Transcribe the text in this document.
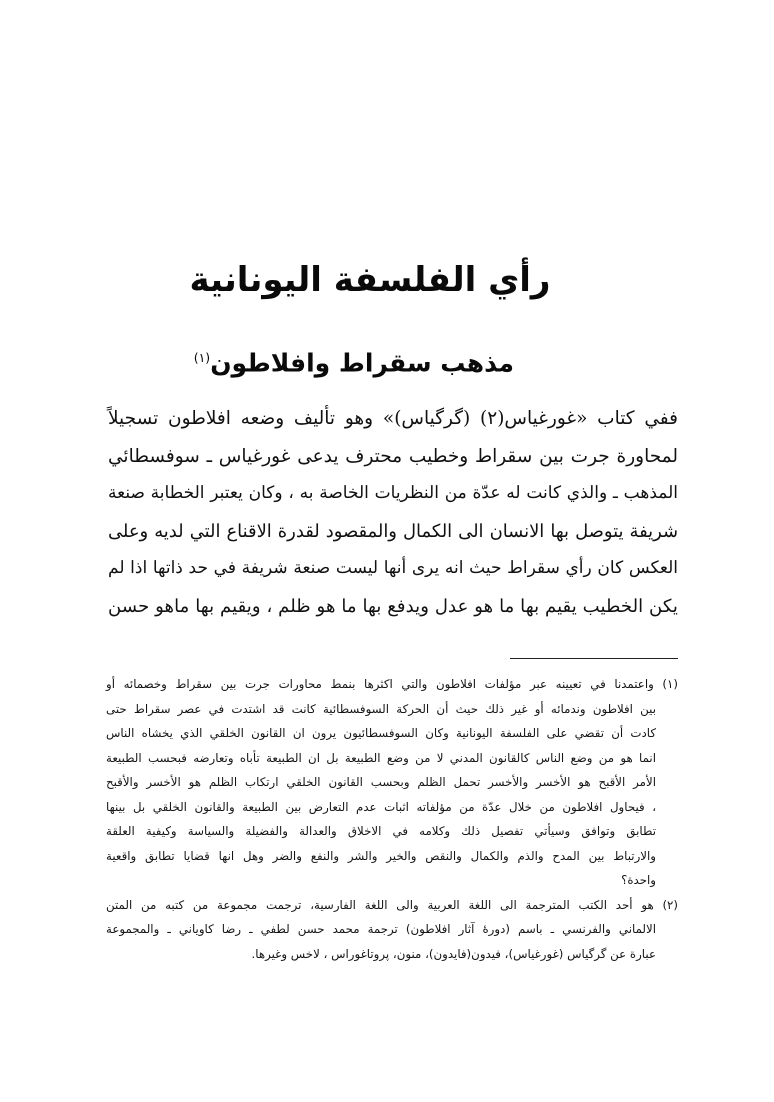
رأي الفلسفة اليونانية
مذهب سقراط وافلاطون$^{(١)}$
ففي كتاب «غورغياس(٢) (گرگیاس)» وهو تأليف وضعه افلاطون تسجيلاً
لمحاورة جرت بين سقراط وخطيب محترف يدعى غورغياس ـ سوفسطائي
المذهب ـ والذي كانت له عدّة من النظريات الخاصة به ، وكان يعتبر الخطابة صنعة
شريفة يتوصل بها الانسان الى الكمال والمقصود لقدرة الاقناع التي لديه وعلى
العكس كان رأي سقراط حيث انه يرى أنها ليست صنعة شريفة في حد ذاتها اذا لم
يكن الخطيب يقيم بها ما هو عدل ويدفع بها ما هو ظلم ، ويقيم بها ماهو حسن
(١) واعتمدنا في تعيينه عبر مؤلفات افلاطون والتي اكثرها بنمط محاورات جرت بين سقراط وخصمائه أو
بين افلاطون وندمائه أو غير ذلك حيث أن الحركة السوفسطائية كانت قد اشتدت في عصر سقراط حتى
كادت أن تقضي على الفلسفة اليونانية وكان السوفسطائيون يرون ان القانون الخلقي الذي يخشاه الناس
انما هو من وضع الناس كالقانون المدني لا من وضع الطبيعة بل ان الطبيعة تأباه وتعارضه فبحسب الطبيعة
الأمر الأقبح هو الأخسر والأخسر تحمل الظلم وبحسب القانون الخلقي ارتكاب الظلم هو الأخسر والأقبح
، فيحاول افلاطون من خلال عدّة من مؤلفاته اثبات عدم التعارض بين الطبيعة والقانون الخلقي بل بينها
تطابق وتوافق وسيأتي تفصيل ذلك وكلامه في الاخلاق والعدالة والفضيلة والسياسة وكيفية العلقة
والارتباط بين المدح والذم والكمال والنقص والخير والشر والنفع والضر وهل انها قضايا تطابق واقعية
واحدة؟
(٢) هو أحد الكتب المترجمة الى اللغة العربية والى اللغة الفارسية، ترجمت مجموعة من كتبه من المتن
الالماني والفرنسي ـ باسم (دورهٔ آثار افلاطون) ترجمة محمد حسن لطفي ـ رضا كاوياني ـ والمجموعة
عبارة عن گرگیاس (غورغياس)، فيدون(فايدون)، منون، پروتاغوراس ، لاخس وغيرها.
